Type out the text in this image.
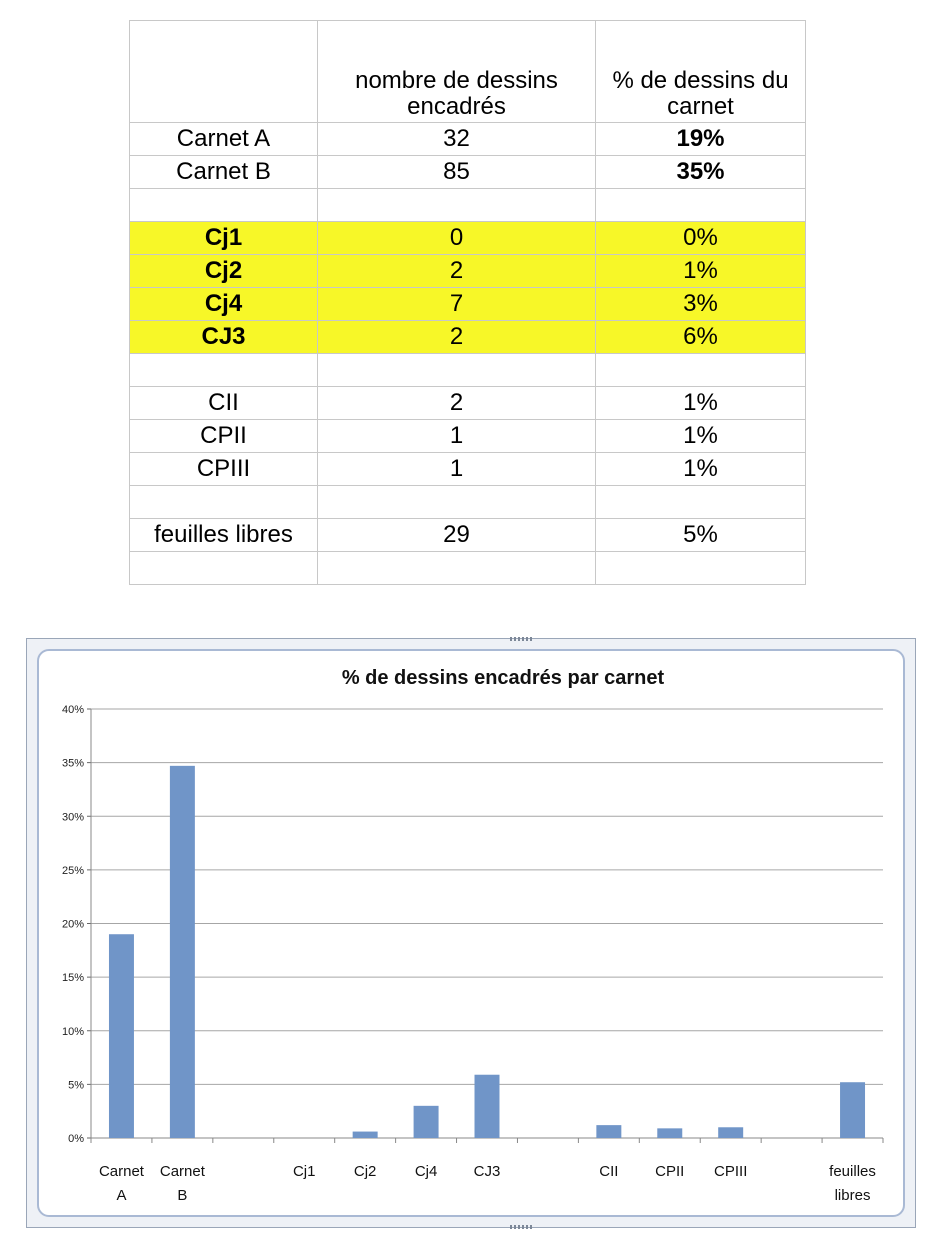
	nombre de dessins encadrés	% de dessins du carnet
Carnet A	32	19%
Carnet B	85	35%

Cj1	0	0%
Cj2	2	1%
Cj4	7	3%
CJ3	2	6%

CII	2	1%
CPII	1	1%
CPIII	1	1%

feuilles libres	29	5%

% de dessins encadrés par carnet
0%
5%
10%
15%
20%
25%
30%
35%
40%
Carnet
A
Carnet
B
Cj1	Cj2	Cj4 CJ3	CII CPII CPIII	feuilles
libres
